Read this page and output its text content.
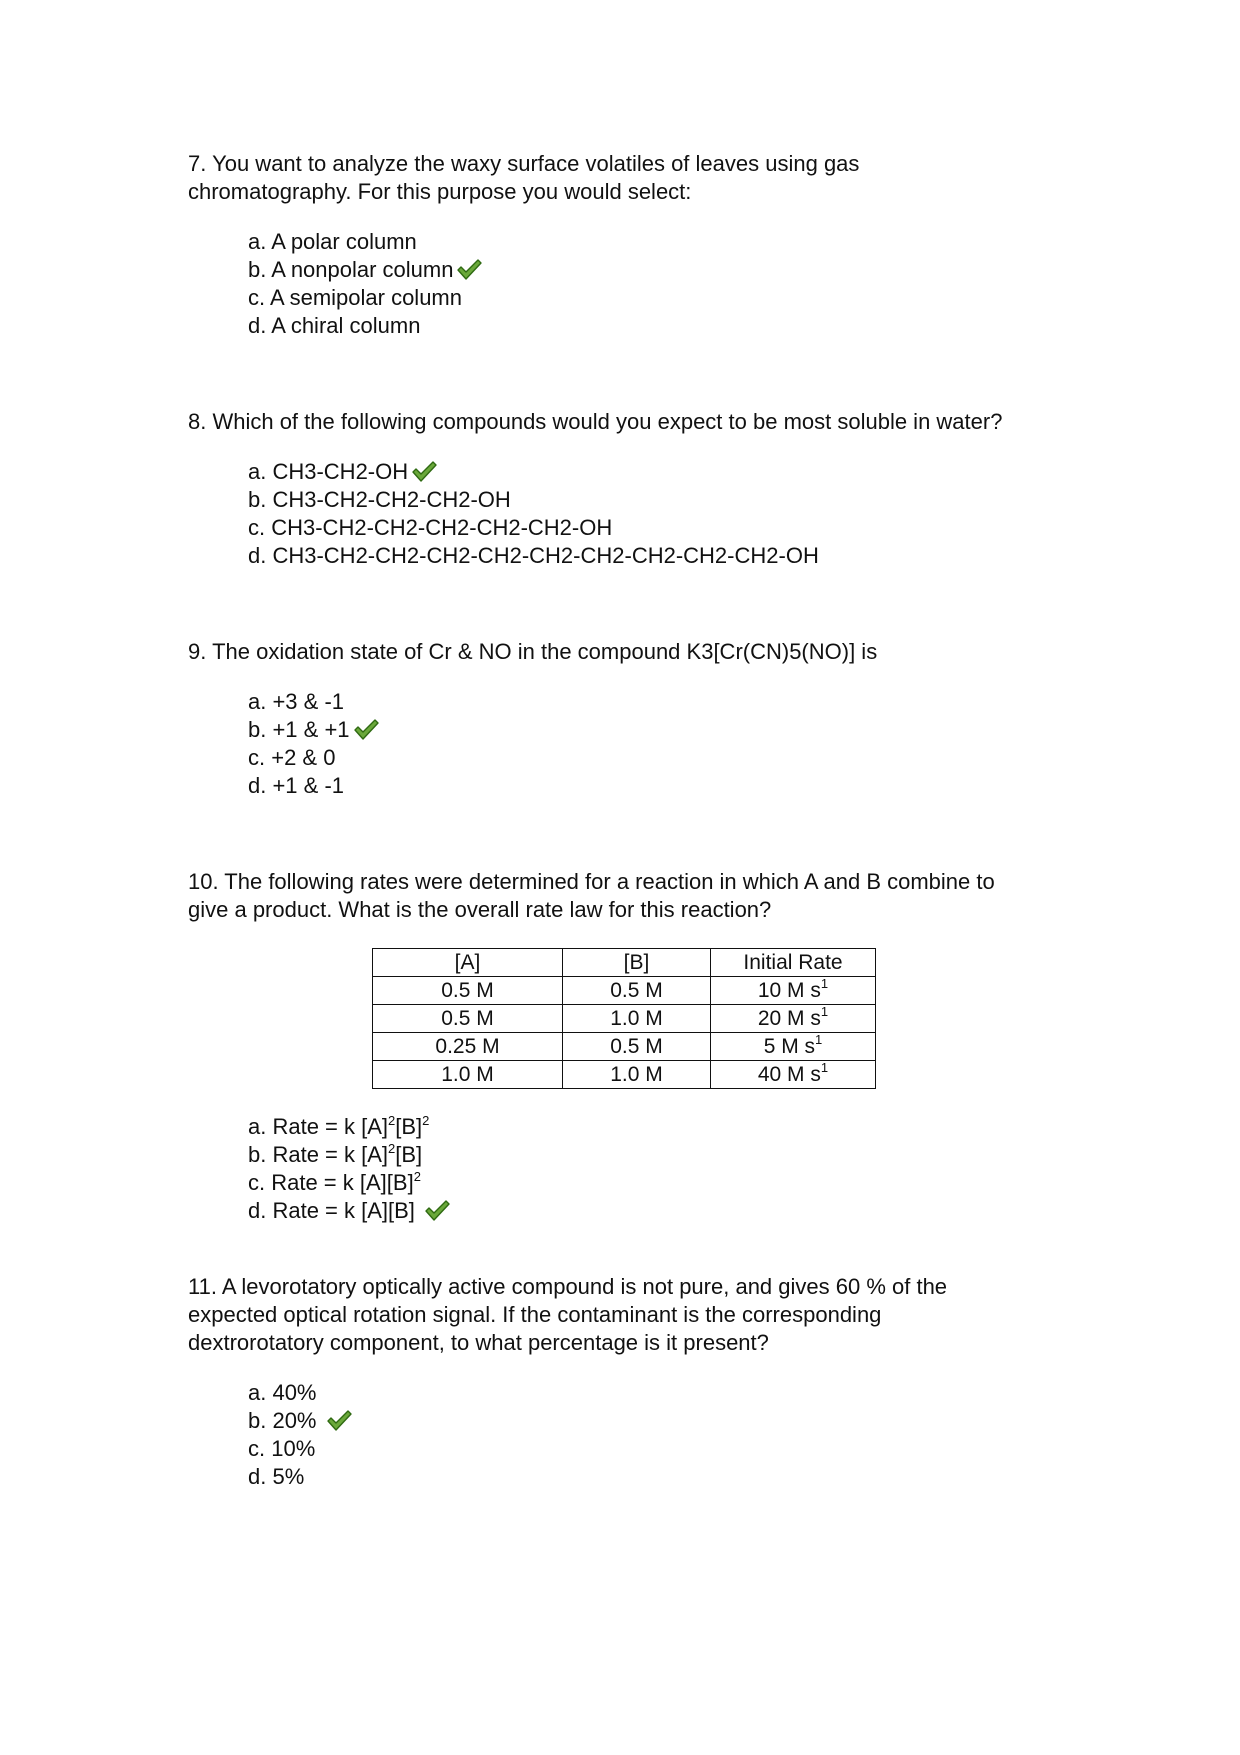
7. You want to analyze the waxy surface volatiles of leaves using gas
chromatography. For this purpose you would select:
a. A polar column
b. A nonpolar column
c. A semipolar column
d. A chiral column
8. Which of the following compounds would you expect to be most soluble in water?
a. CH3-CH2-OH
b. CH3-CH2-CH2-CH2-OH
c. CH3-CH2-CH2-CH2-CH2-CH2-OH
d. CH3-CH2-CH2-CH2-CH2-CH2-CH2-CH2-CH2-CH2-OH
9. The oxidation state of Cr & NO in the compound K3[Cr(CN)5(NO)] is
a. +3 & -1
b. +1 & +1
c. +2 & 0
d. +1 & -1
10. The following rates were determined for a reaction in which A and B combine to
give a product. What is the overall rate law for this reaction?
[A]	[B]	Initial Rate
0.5 M	0.5 M	10 M $s^1$
0.5 M	1.0 M	20 M $s^1$
0.25 M	0.5 M	5 M $s^1$
1.0 M	1.0 M	40 M $s^1$
a. Rate = k $[A]^2[B]^2$
b. Rate = k $[A]^2[B]$
c. Rate = k $[A][B]^2$
d. Rate = k [A][B]
11. A levorotatory optically active compound is not pure, and gives 60 % of the
expected optical rotation signal. If the contaminant is the corresponding
dextrorotatory component, to what percentage is it present?
a. 40%
b. 20%
c. 10%
d. 5%
